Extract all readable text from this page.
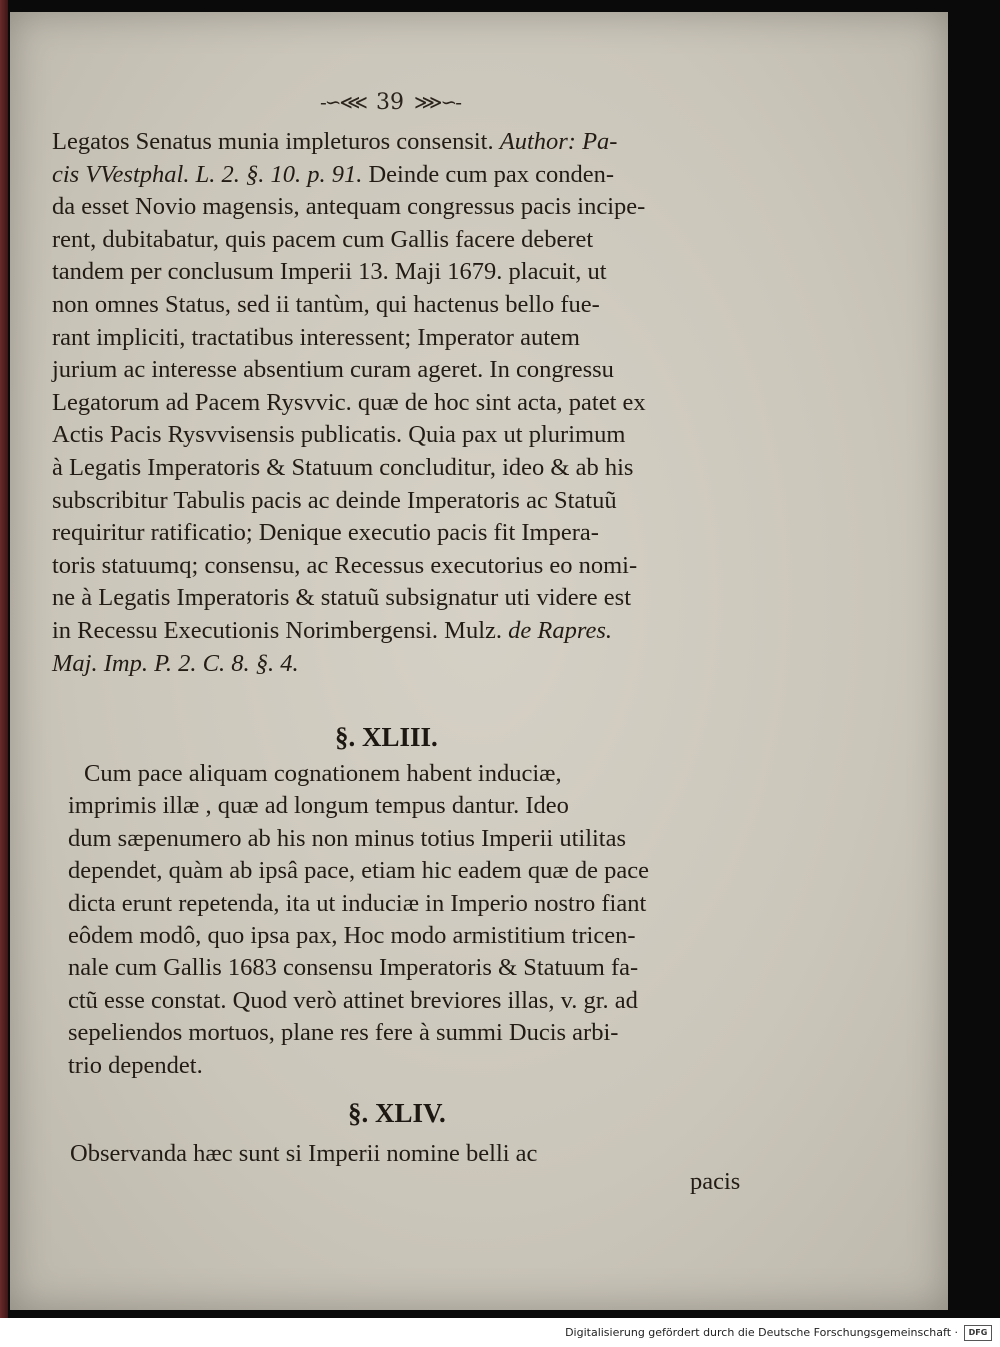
-∽⋘ 39 ⋙∽-
Legatos Senatus munia impleturos consensit. Author: Pa-
cis VVestphal. L. 2. §. 10. p. 91. Deinde cum pax conden-
da esset Novio magensis, antequam congressus pacis incipe-
rent, dubitabatur, quis pacem cum Gallis facere deberet
tandem per conclusum Imperii 13. Maji 1679. placuit, ut
non omnes Status, sed ii tantùm, qui hactenus bello fue-
rant impliciti, tractatibus interessent; Imperator autem
jurium ac interesse absentium curam ageret. In congressu
Legatorum ad Pacem Rysvvic. quæ de hoc sint acta, patet ex
Actis Pacis Rysvvisensis publicatis. Quia pax ut plurimum
à Legatis Imperatoris & Statuum concluditur, ideo & ab his
subscribitur Tabulis pacis ac deinde Imperatoris ac Statuũ
requiritur ratificatio; Denique executio pacis fit Impera-
toris statuumq; consensu, ac Recessus executorius eo nomi-
ne à Legatis Imperatoris & statuũ subsignatur uti videre est
in Recessu Executionis Norimbergensi. Mulz. de Rapres.
Maj. Imp. P. 2. C. 8. §. 4.
§. XLIII.
Cum pace aliquam cognationem habent induciæ,
imprimis illæ , quæ ad longum tempus dantur. Ideo
dum sæpenumero ab his non minus totius Imperii utilitas
dependet, quàm ab ipsâ pace, etiam hic eadem quæ de pace
dicta erunt repetenda, ita ut induciæ in Imperio nostro fiant
eôdem modô, quo ipsa pax, Hoc modo armistitium tricen-
nale cum Gallis 1683 consensu Imperatoris & Statuum fa-
ctũ esse constat. Quod verò attinet breviores illas, v. gr. ad
sepeliendos mortuos, plane res fere à summi Ducis arbi-
trio dependet.
§. XLIV.
Observanda hæc sunt si Imperii nomine belli ac
pacis
Digitalisierung gefördert durch die Deutsche Forschungsgemeinschaft ·	DFG
